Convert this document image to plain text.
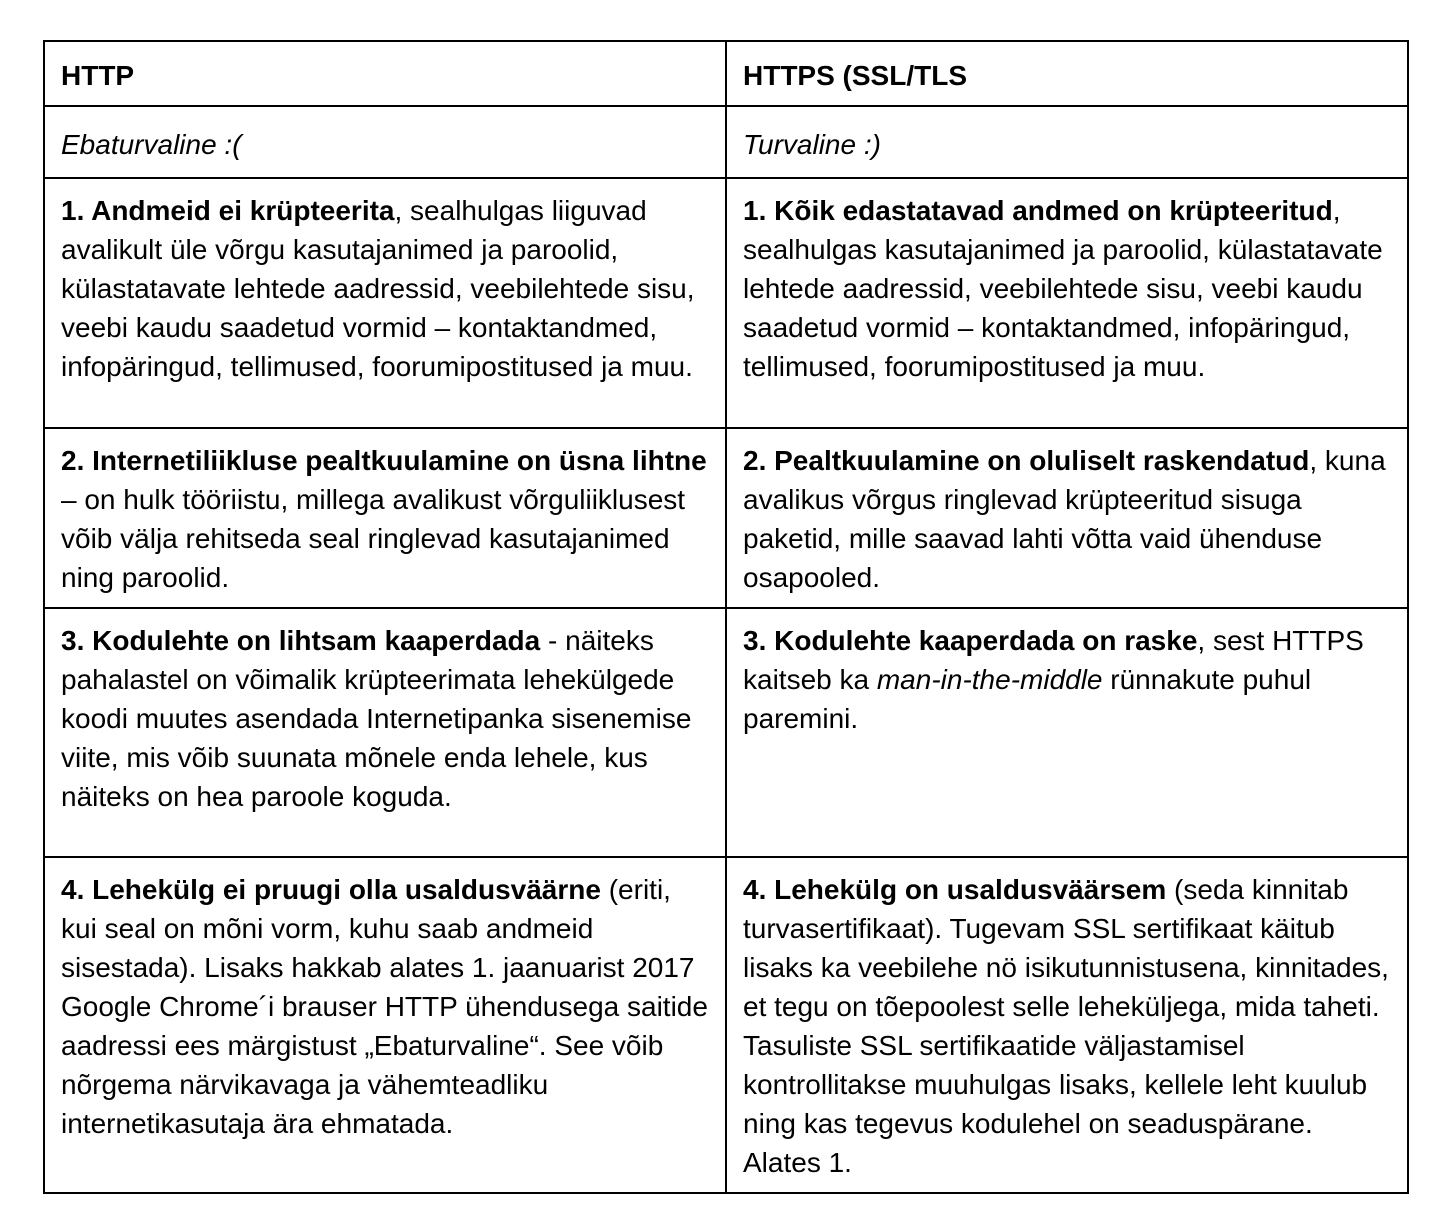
HTTP	HTTPS (SSL/TLS
Ebaturvaline :(	Turvaline :)
1. Andmeid ei krüpteerita, sealhulgas liiguvad avalikult üle võrgu kasutajanimed ja paroolid, külastatavate lehtede aadressid, veebilehtede sisu, veebi kaudu saadetud vormid – kontaktandmed, infopäringud, tellimused, foorumipostitused ja muu.	1. Kõik edastatavad andmed on krüpteeritud, sealhulgas kasutajanimed ja paroolid, külastatavate lehtede aadressid, veebilehtede sisu, veebi kaudu saadetud vormid – kontaktandmed, infopäringud, tellimused, foorumipostitused ja muu.
2. Internetiliikluse pealtkuulamine on üsna lihtne – on hulk tööriistu, millega avalikust võrguliiklusest võib välja rehitseda seal ringlevad kasutajanimed ning paroolid.	2. Pealtkuulamine on oluliselt raskendatud, kuna avalikus võrgus ringlevad krüpteeritud sisuga paketid, mille saavad lahti võtta vaid ühenduse osapooled.
3. Kodulehte on lihtsam kaaperdada - näiteks pahalastel on võimalik krüpteerimata lehekülgede koodi muutes asendada Internetipanka sisenemise viite, mis võib suunata mõnele enda lehele, kus näiteks on hea paroole koguda.	3. Kodulehte kaaperdada on raske, sest HTTPS kaitseb ka man-in-the-middle rünnakute puhul paremini.
4. Lehekülg ei pruugi olla usaldusväärne (eriti, kui seal on mõni vorm, kuhu saab andmeid sisestada). Lisaks hakkab alates 1. jaanuarist 2017 Google Chrome´i brauser HTTP ühendusega saitide aadressi ees märgistust „Ebaturvaline“. See võib nõrgema närvikavaga ja vähemteadliku internetikasutaja ära ehmatada.	4. Lehekülg on usaldusväärsem (seda kinnitab turvasertifikaat). Tugevam SSL sertifikaat käitub lisaks ka veebilehe nö isikutunnistusena, kinnitades, et tegu on tõepoolest selle leheküljega, mida taheti. Tasuliste SSL sertifikaatide väljastamisel kontrollitakse muuhulgas lisaks, kellele leht kuulub ning kas tegevus kodulehel on seaduspärane. Alates 1.
